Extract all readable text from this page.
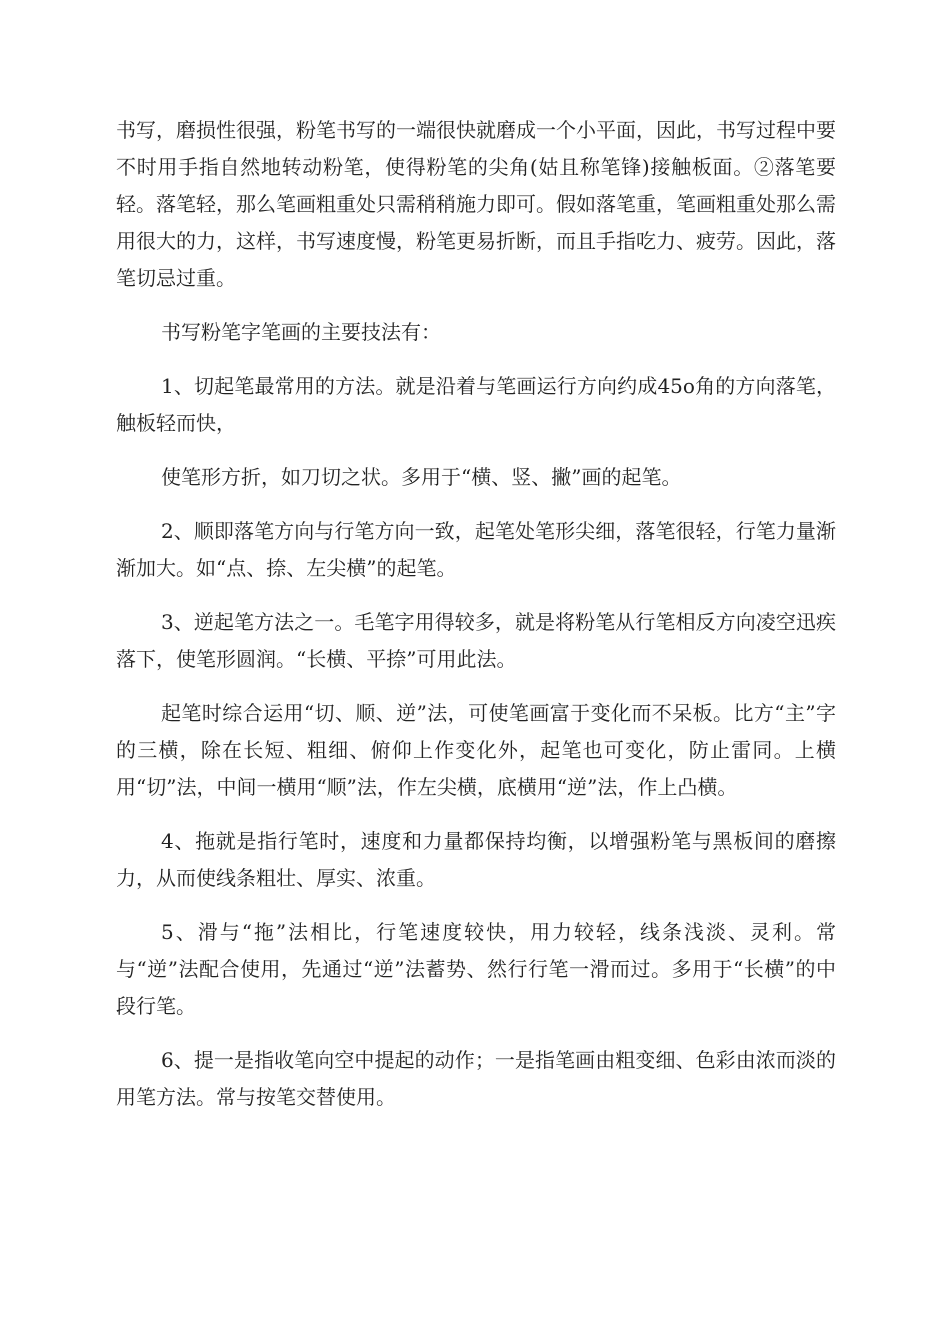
书写，磨损性很强，粉笔书写的一端很快就磨成一个小平面，因此，书写过程中要不时用手指自然地转动粉笔，使得粉笔的尖角(姑且称笔锋)接触板面。②落笔要轻。落笔轻，那么笔画粗重处只需稍稍施力即可。假如落笔重，笔画粗重处那么需用很大的力，这样，书写速度慢，粉笔更易折断，而且手指吃力、疲劳。因此，落笔切忌过重。

书写粉笔字笔画的主要技法有：

1、切起笔最常用的方法。就是沿着与笔画运行方向约成45o角的方向落笔，触板轻而快，

使笔形方折，如刀切之状。多用于“横、竖、撇”画的起笔。

2、顺即落笔方向与行笔方向一致，起笔处笔形尖细，落笔很轻，行笔力量渐渐加大。如“点、捺、左尖横”的起笔。

3、逆起笔方法之一。毛笔字用得较多，就是将粉笔从行笔相反方向凌空迅疾落下，使笔形圆润。“长横、平捺”可用此法。

起笔时综合运用“切、顺、逆”法，可使笔画富于变化而不呆板。比方“主”字的三横，除在长短、粗细、俯仰上作变化外，起笔也可变化，防止雷同。上横用“切”法，中间一横用“顺”法，作左尖横，底横用“逆”法，作上凸横。

4、拖就是指行笔时，速度和力量都保持均衡，以增强粉笔与黑板间的磨擦力，从而使线条粗壮、厚实、浓重。

5、滑与“拖”法相比，行笔速度较快，用力较轻，线条浅淡、灵利。常与“逆”法配合使用，先通过“逆”法蓄势、然行行笔一滑而过。多用于“长横”的中段行笔。

6、提一是指收笔向空中提起的动作；一是指笔画由粗变细、色彩由浓而淡的用笔方法。常与按笔交替使用。
